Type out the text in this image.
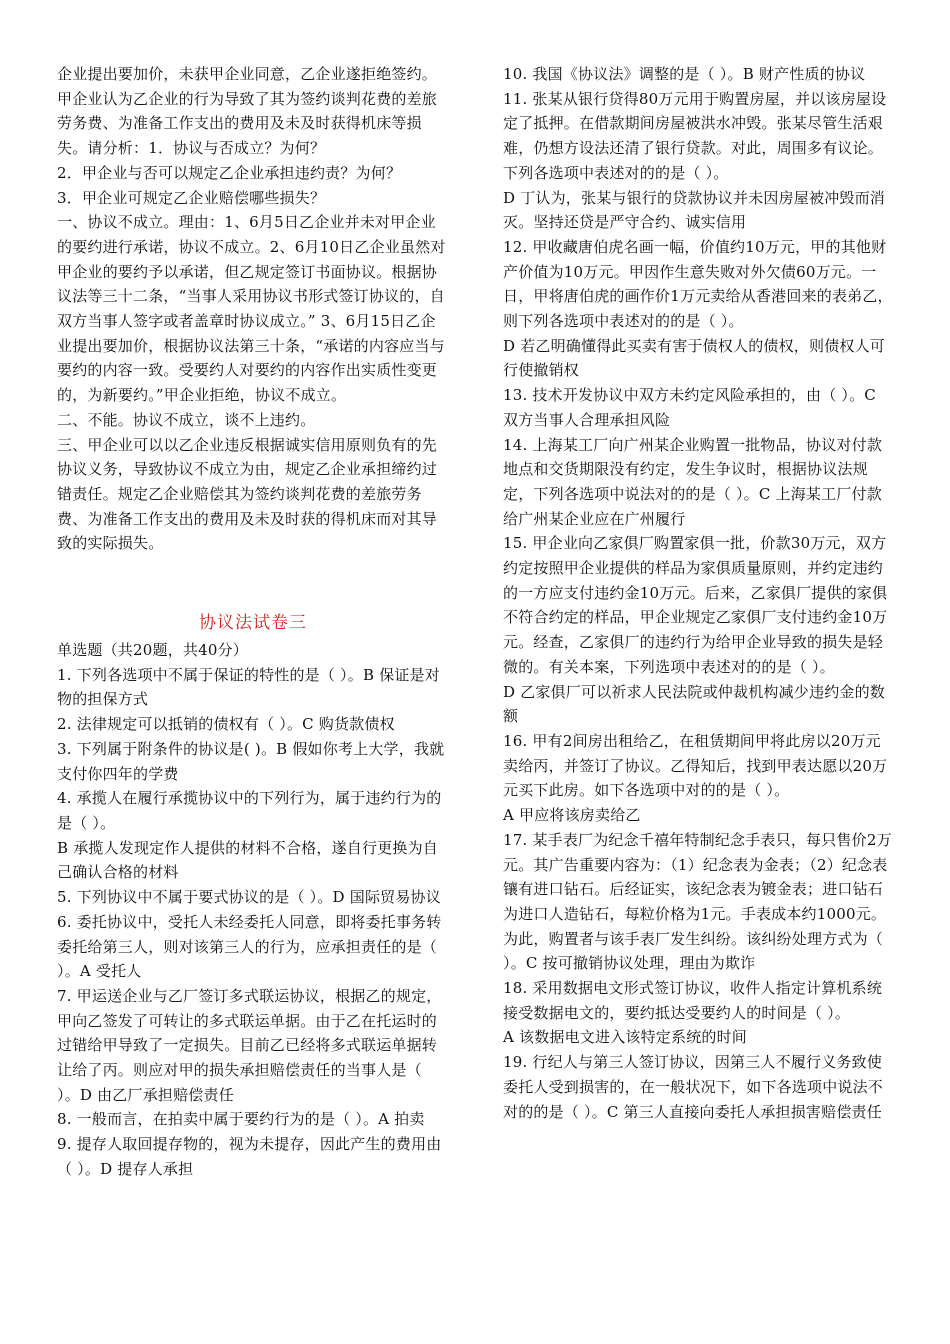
企业提出要加价，未获甲企业同意，乙企业遂拒绝签约。甲企业认为乙企业的行为导致了其为签约谈判花费的差旅劳务费、为准备工作支出的费用及未及时获得机床等损失。请分析：1．协议与否成立？为何？

2．甲企业与否可以规定乙企业承担违约责？为何？

3．甲企业可规定乙企业赔偿哪些损失？

一、协议不成立。理由：1、6月5日乙企业并未对甲企业的要约进行承诺，协议不成立。2、6月10日乙企业虽然对甲企业的要约予以承诺，但乙规定签订书面协议。根据协议法等三十二条，“当事人采用协议书形式签订协议的，自双方当事人签字或者盖章时协议成立。” 3、6月15日乙企业提出要加价，根据协议法第三十条，“承诺的内容应当与要约的内容一致。受要约人对要约的内容作出实质性变更的，为新要约。”甲企业拒绝，协议不成立。

二、不能。协议不成立，谈不上违约。

三、甲企业可以以乙企业违反根据诚实信用原则负有的先协议义务，导致协议不成立为由，规定乙企业承担缔约过错责任。规定乙企业赔偿其为签约谈判花费的差旅劳务费、为准备工作支出的费用及未及时获的得机床而对其导致的实际损失。

协议法试卷三

单选题（共20题，共40分）

1. 下列各选项中不属于保证的特性的是（ ）。B 保证是对物的担保方式

2. 法律规定可以抵销的债权有（ ）。C 购货款债权

3. 下列属于附条件的协议是( )。B 假如你考上大学，我就支付你四年的学费

4. 承揽人在履行承揽协议中的下列行为，属于违约行为的是（ ）。

B 承揽人发现定作人提供的材料不合格，遂自行更换为自己确认合格的材料

5. 下列协议中不属于要式协议的是（ ）。D 国际贸易协议

6. 委托协议中，受托人未经委托人同意，即将委托事务转委托给第三人，则对该第三人的行为，应承担责任的是（ ）。A 受托人

7. 甲运送企业与乙厂签订多式联运协议，根据乙的规定，甲向乙签发了可转让的多式联运单据。由于乙在托运时的过错给甲导致了一定损失。目前乙已经将多式联运单据转让给了丙。则应对甲的损失承担赔偿责任的当事人是（ ）。D 由乙厂承担赔偿责任

8. 一般而言，在拍卖中属于要约行为的是（ ）。A 拍卖

9. 提存人取回提存物的，视为未提存，因此产生的费用由（ ）。D 提存人承担

10. 我国《协议法》调整的是（ ）。B 财产性质的协议

11. 张某从银行贷得80万元用于购置房屋，并以该房屋设定了抵押。在借款期间房屋被洪水冲毁。张某尽管生活艰难，仍想方设法还清了银行贷款。对此，周围多有议论。下列各选项中表述对的的是（ ）。

D 丁认为，张某与银行的贷款协议并未因房屋被冲毁而消灭。坚持还贷是严守合约、诚实信用

12. 甲收藏唐伯虎名画一幅，价值约10万元，甲的其他财产价值为10万元。甲因作生意失败对外欠债60万元。一日，甲将唐伯虎的画作价1万元卖给从香港回来的表弟乙，则下列各选项中表述对的的是（ ）。

D 若乙明确懂得此买卖有害于债权人的债权，则债权人可行使撤销权

13. 技术开发协议中双方未约定风险承担的，由（ ）。C 双方当事人合理承担风险

14. 上海某工厂向广州某企业购置一批物品，协议对付款地点和交货期限没有约定，发生争议时，根据协议法规定，下列各选项中说法对的的是（ ）。C 上海某工厂付款给广州某企业应在广州履行

15. 甲企业向乙家俱厂购置家俱一批，价款30万元，双方约定按照甲企业提供的样品为家俱质量原则，并约定违约的一方应支付违约金10万元。后来，乙家俱厂提供的家俱不符合约定的样品，甲企业规定乙家俱厂支付违约金10万元。经查，乙家俱厂的违约行为给甲企业导致的损失是轻微的。有关本案，下列选项中表述对的的是（ ）。

D 乙家俱厂可以祈求人民法院或仲裁机构减少违约金的数额

16. 甲有2间房出租给乙，在租赁期间甲将此房以20万元卖给丙，并签订了协议。乙得知后，找到甲表达愿以20万元买下此房。如下各选项中对的的是（ ）。

A 甲应将该房卖给乙

17. 某手表厂为纪念千禧年特制纪念手表只，每只售价2万元。其广告重要内容为：（1）纪念表为金表；（2）纪念表镶有进口钻石。后经证实，该纪念表为镀金表；进口钻石为进口人造钻石，每粒价格为1元。手表成本约1000元。为此，购置者与该手表厂发生纠纷。该纠纷处理方式为（ ）。C 按可撤销协议处理，理由为欺诈

18. 采用数据电文形式签订协议，收件人指定计算机系统接受数据电文的，要约抵达受要约人的时间是（ ）。

A 该数据电文进入该特定系统的时间

19. 行纪人与第三人签订协议，因第三人不履行义务致使委托人受到损害的，在一般状况下，如下各选项中说法不对的的是（ ）。C 第三人直接向委托人承担损害赔偿责任
